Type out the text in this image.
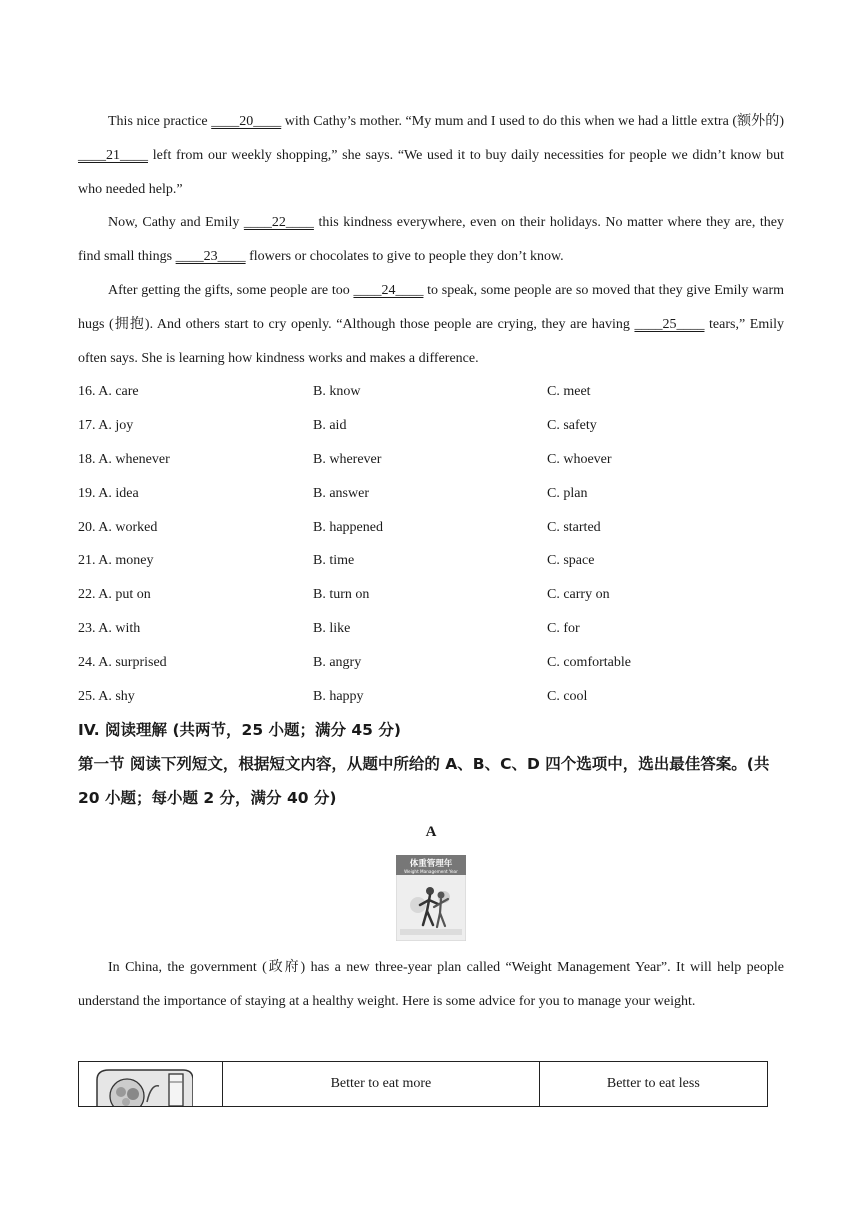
This nice practice ____20____ with Cathy’s mother. “My mum and I used to do this when we had a little extra (额外的) ____21____ left from our weekly shopping,” she says. “We used it to buy daily necessities for people we didn’t know but who needed help.”

Now, Cathy and Emily ____22____ this kindness everywhere, even on their holidays. No matter where they are, they find small things ____23____ flowers or chocolates to give to people they don’t know.

After getting the gifts, some people are too ____24____ to speak, some people are so moved that they give Emily warm hugs (拥抱). And others start to cry openly. “Although those people are crying, they are having ____25____ tears,” Emily often says. She is learning how kindness works and makes a difference.

16. A. care	B. know	C. meet
17. A. joy	B. aid	C. safety
18. A. whenever	B. wherever	C. whoever
19. A. idea	B. answer	C. plan
20. A. worked	B. happened	C. started
21. A. money	B. time	C. space
22. A. put on	B. turn on	C. carry on
23. A. with	B. like	C. for
24. A. surprised	B. angry	C. comfortable
25. A. shy	B. happy	C. cool

IV. 阅读理解 (共两节，25 小题；满分 45 分)

第一节 阅读下列短文，根据短文内容，从题中所给的 A、B、C、D 四个选项中，选出最佳答案。(共 20 小题；每小题 2 分，满分 40 分)

A

体重管理年
Weight Management Year

In China, the government (政府) has a new three-year plan called “Weight Management Year”. It will help people understand the importance of staying at a healthy weight. Here is some advice for you to manage your weight.

	Better to eat more	Better to eat less
